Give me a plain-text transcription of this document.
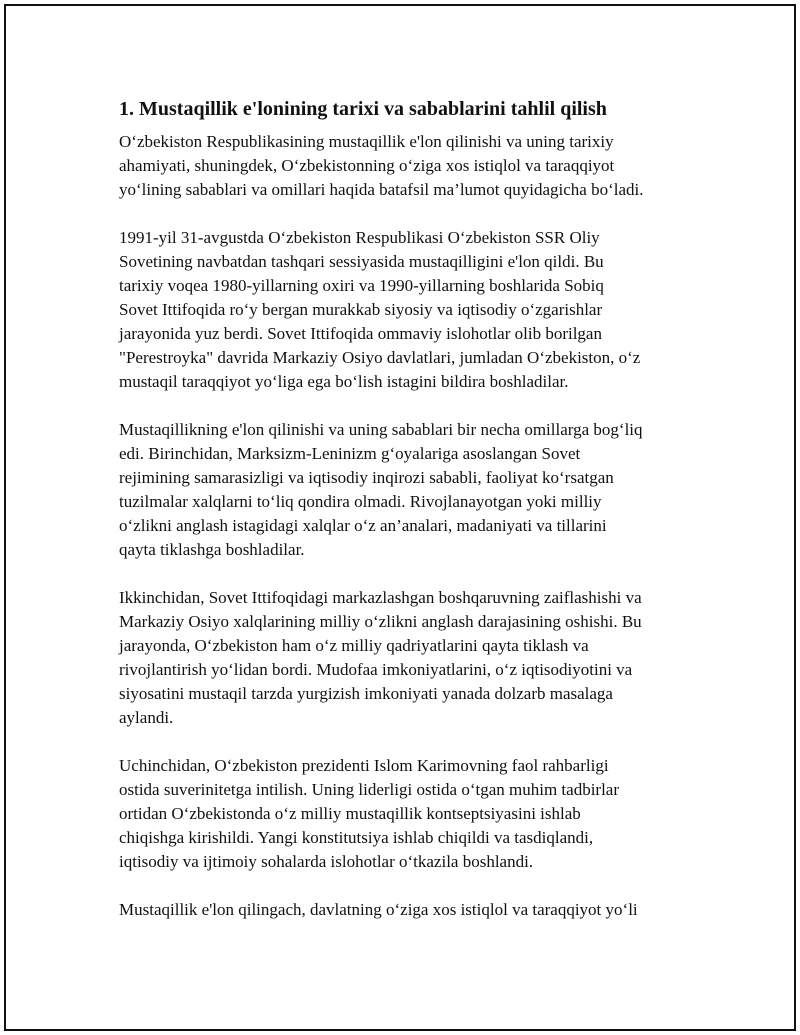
1. Mustaqillik e'lonining tarixi va sabablarini tahlil qilish

O‘zbekiston Respublikasining mustaqillik e'lon qilinishi va uning tarixiy
ahamiyati, shuningdek, O‘zbekistonning o‘ziga xos istiqlol va taraqqiyot
yo‘lining sabablari va omillari haqida batafsil ma’lumot quyidagicha bo‘ladi.

1991-yil 31-avgustda O‘zbekiston Respublikasi O‘zbekiston SSR Oliy
Sovetining navbatdan tashqari sessiyasida mustaqilligini e'lon qildi. Bu
tarixiy voqea 1980-yillarning oxiri va 1990-yillarning boshlarida Sobiq
Sovet Ittifoqida ro‘y bergan murakkab siyosiy va iqtisodiy o‘zgarishlar
jarayonida yuz berdi. Sovet Ittifoqida ommaviy islohotlar olib borilgan
"Perestroyka" davrida Markaziy Osiyo davlatlari, jumladan O‘zbekiston, o‘z
mustaqil taraqqiyot yo‘liga ega bo‘lish istagini bildira boshladilar.

Mustaqillikning e'lon qilinishi va uning sabablari bir necha omillarga bog‘liq
edi. Birinchidan, Marksizm-Leninizm g‘oyalariga asoslangan Sovet
rejimining samarasizligi va iqtisodiy inqirozi sababli, faoliyat ko‘rsatgan
tuzilmalar xalqlarni to‘liq qondira olmadi. Rivojlanayotgan yoki milliy
o‘zlikni anglash istagidagi xalqlar o‘z an’analari, madaniyati va tillarini
qayta tiklashga boshladilar.

Ikkinchidan, Sovet Ittifoqidagi markazlashgan boshqaruvning zaiflashishi va
Markaziy Osiyo xalqlarining milliy o‘zlikni anglash darajasining oshishi. Bu
jarayonda, O‘zbekiston ham o‘z milliy qadriyatlarini qayta tiklash va
rivojlantirish yo‘lidan bordi. Mudofaa imkoniyatlarini, o‘z iqtisodiyotini va
siyosatini mustaqil tarzda yurgizish imkoniyati yanada dolzarb masalaga
aylandi.

Uchinchidan, O‘zbekiston prezidenti Islom Karimovning faol rahbarligi
ostida suverinitetga intilish. Uning liderligi ostida o‘tgan muhim tadbirlar
ortidan O‘zbekistonda o‘z milliy mustaqillik kontseptsiyasini ishlab
chiqishga kirishildi. Yangi konstitutsiya ishlab chiqildi va tasdiqlandi,
iqtisodiy va ijtimoiy sohalarda islohotlar o‘tkazila boshlandi.

Mustaqillik e'lon qilingach, davlatning o‘ziga xos istiqlol va taraqqiyot yo‘li
